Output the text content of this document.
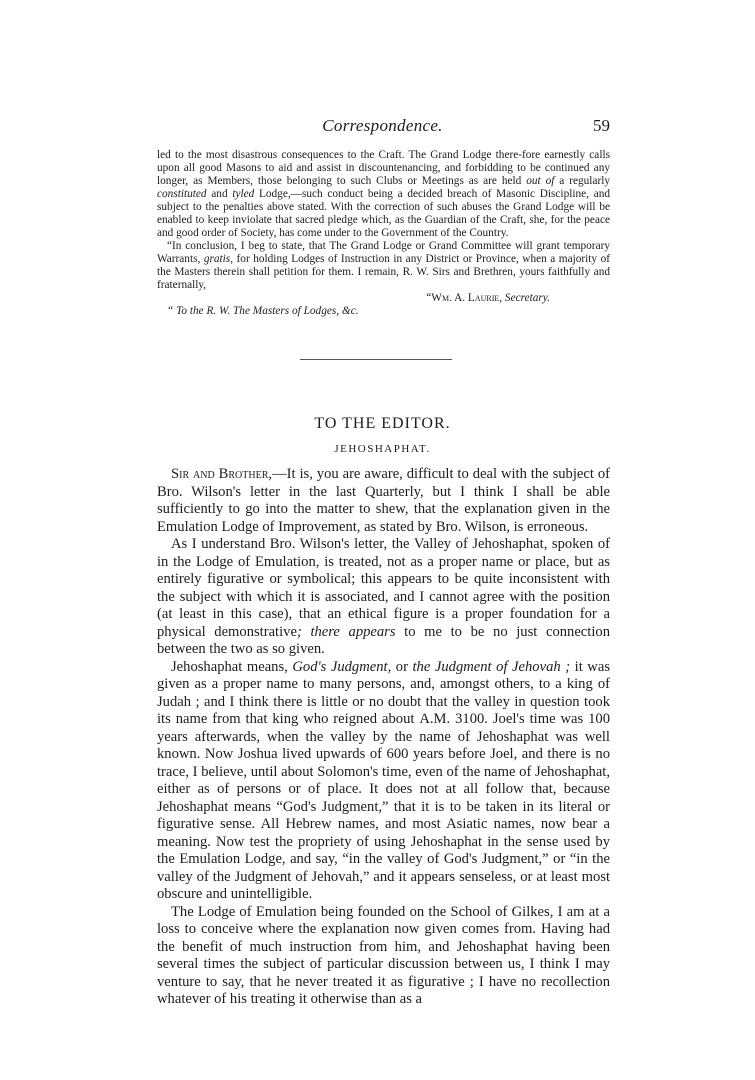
Correspondence.	59

led to the most disastrous consequences to the Craft. The Grand Lodge there-fore earnestly calls upon all good Masons to aid and assist in discountenancing, and forbidding to be continued any longer, as Members, those belonging to such Clubs or Meetings as are held out of a regularly constituted and tyled Lodge,—such conduct being a decided breach of Masonic Discipline, and subject to the penalties above stated. With the correction of such abuses the Grand Lodge will be enabled to keep inviolate that sacred pledge which, as the Guardian of the Craft, she, for the peace and good order of Society, has come under to the Government of the Country.

“In conclusion, I beg to state, that The Grand Lodge or Grand Committee will grant temporary Warrants, gratis, for holding Lodges of Instruction in any District or Province, when a majority of the Masters therein shall petition for them. I remain, R. W. Sirs and Brethren, yours faithfully and fraternally,

“Wm. A. Laurie, Secretary.

“ To the R. W. The Masters of Lodges, &c.

TO THE EDITOR.
JEHOSHAPHAT.

Sir and Brother,—It is, you are aware, difficult to deal with the subject of Bro. Wilson's letter in the last Quarterly, but I think I shall be able sufficiently to go into the matter to shew, that the explanation given in the Emulation Lodge of Improvement, as stated by Bro. Wilson, is erroneous.

As I understand Bro. Wilson's letter, the Valley of Jehoshaphat, spoken of in the Lodge of Emulation, is treated, not as a proper name or place, but as entirely figurative or symbolical; this appears to be quite inconsistent with the subject with which it is associated, and I cannot agree with the position (at least in this case), that an ethical figure is a proper foundation for a physical demonstrative; there appears to me to be no just connection between the two as so given.

Jehoshaphat means, God's Judgment, or the Judgment of Jehovah ; it was given as a proper name to many persons, and, amongst others, to a king of Judah ; and I think there is little or no doubt that the valley in question took its name from that king who reigned about A.M. 3100. Joel's time was 100 years afterwards, when the valley by the name of Jehoshaphat was well known. Now Joshua lived upwards of 600 years before Joel, and there is no trace, I believe, until about Solomon's time, even of the name of Jehoshaphat, either as of persons or of place. It does not at all follow that, because Jehoshaphat means “God's Judgment,” that it is to be taken in its literal or figurative sense. All Hebrew names, and most Asiatic names, now bear a meaning. Now test the propriety of using Jehoshaphat in the sense used by the Emulation Lodge, and say, “in the valley of God's Judgment,” or “in the valley of the Judgment of Jehovah,” and it appears senseless, or at least most obscure and unintelligible.

The Lodge of Emulation being founded on the School of Gilkes, I am at a loss to conceive where the explanation now given comes from. Having had the benefit of much instruction from him, and Jehoshaphat having been several times the subject of particular discussion between us, I think I may venture to say, that he never treated it as figurative ; I have no recollection whatever of his treating it otherwise than as a
